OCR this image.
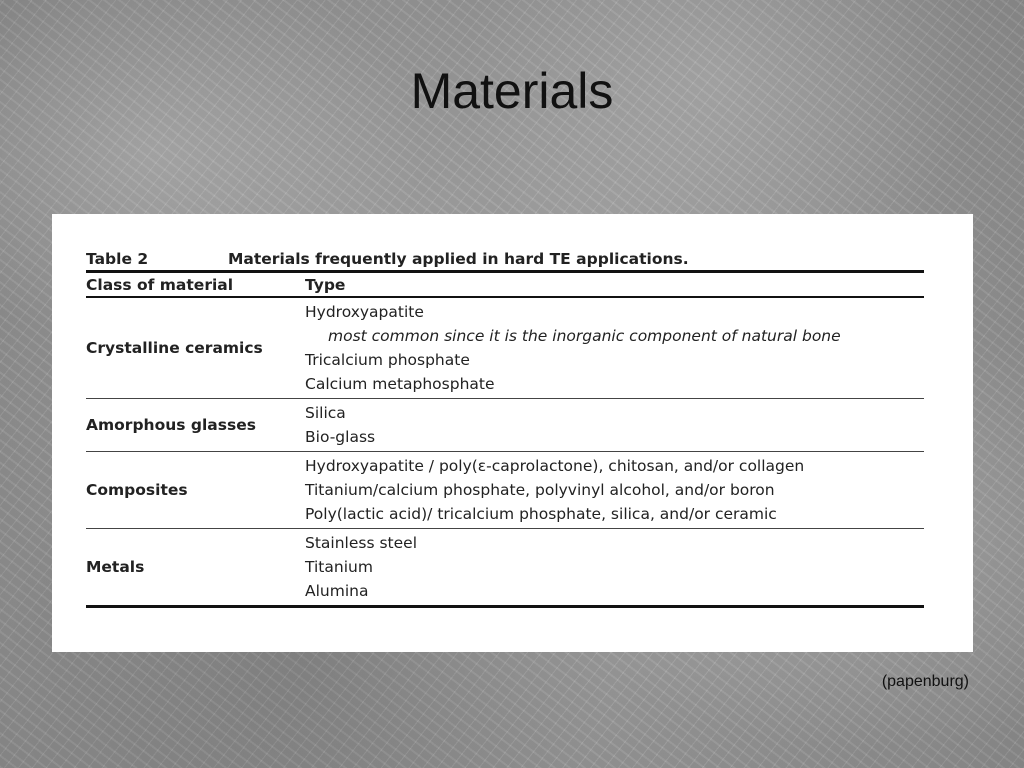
Materials
Table 2	Materials frequently applied in hard TE applications.
Class of material	Type
Crystalline ceramics
Hydroxyapatite
most common since it is the inorganic component of natural bone
Tricalcium phosphate
Calcium metaphosphate
Amorphous glasses
Silica
Bio-glass
Composites
Hydroxyapatite / poly(ε-caprolactone), chitosan, and/or collagen
Titanium/calcium phosphate, polyvinyl alcohol, and/or boron
Poly(lactic acid)/ tricalcium phosphate, silica, and/or ceramic
Metals
Stainless steel
Titanium
Alumina
(papenburg)
